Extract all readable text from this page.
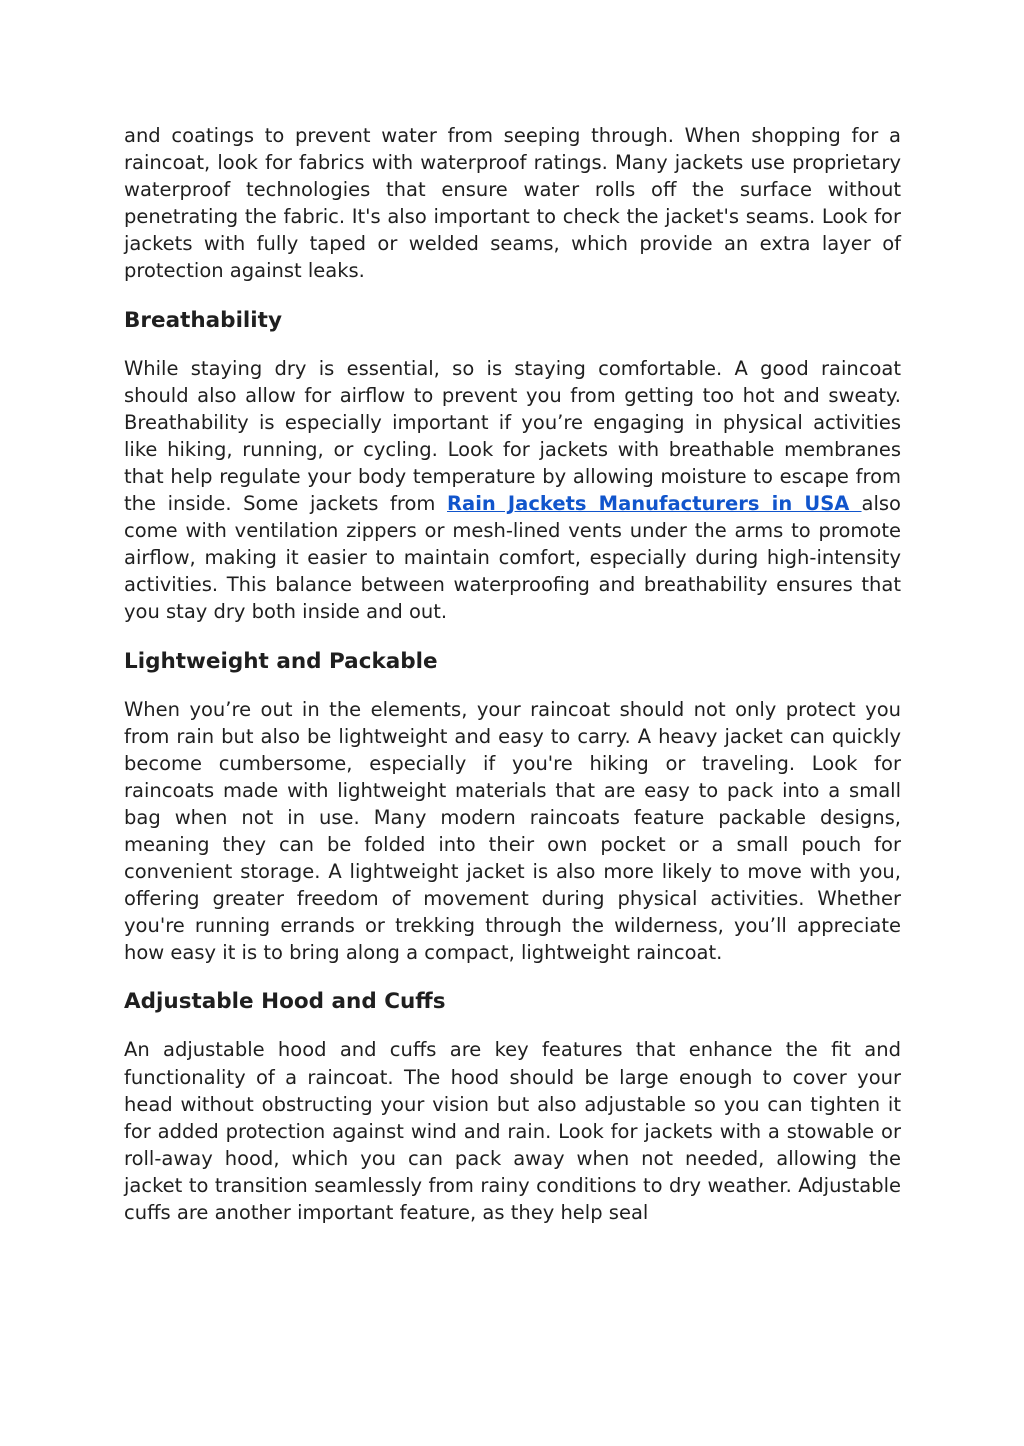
and coatings to prevent water from seeping through. When shopping for a raincoat, look for fabrics with waterproof ratings. Many jackets use proprietary waterproof technologies that ensure water rolls off the surface without penetrating the fabric. It's also important to check the jacket's seams. Look for jackets with fully taped or welded seams, which provide an extra layer of protection against leaks.

Breathability

While staying dry is essential, so is staying comfortable. A good raincoat should also allow for airflow to prevent you from getting too hot and sweaty. Breathability is especially important if you’re engaging in physical activities like hiking, running, or cycling. Look for jackets with breathable membranes that help regulate your body temperature by allowing moisture to escape from the inside. Some jackets from Rain Jackets Manufacturers in USA also come with ventilation zippers or mesh-lined vents under the arms to promote airflow, making it easier to maintain comfort, especially during high-intensity activities. This balance between waterproofing and breathability ensures that you stay dry both inside and out.

Lightweight and Packable

When you’re out in the elements, your raincoat should not only protect you from rain but also be lightweight and easy to carry. A heavy jacket can quickly become cumbersome, especially if you're hiking or traveling. Look for raincoats made with lightweight materials that are easy to pack into a small bag when not in use. Many modern raincoats feature packable designs, meaning they can be folded into their own pocket or a small pouch for convenient storage. A lightweight jacket is also more likely to move with you, offering greater freedom of movement during physical activities. Whether you're running errands or trekking through the wilderness, you’ll appreciate how easy it is to bring along a compact, lightweight raincoat.

Adjustable Hood and Cuffs

An adjustable hood and cuffs are key features that enhance the fit and functionality of a raincoat. The hood should be large enough to cover your head without obstructing your vision but also adjustable so you can tighten it for added protection against wind and rain. Look for jackets with a stowable or roll-away hood, which you can pack away when not needed, allowing the jacket to transition seamlessly from rainy conditions to dry weather. Adjustable cuffs are another important feature, as they help seal
